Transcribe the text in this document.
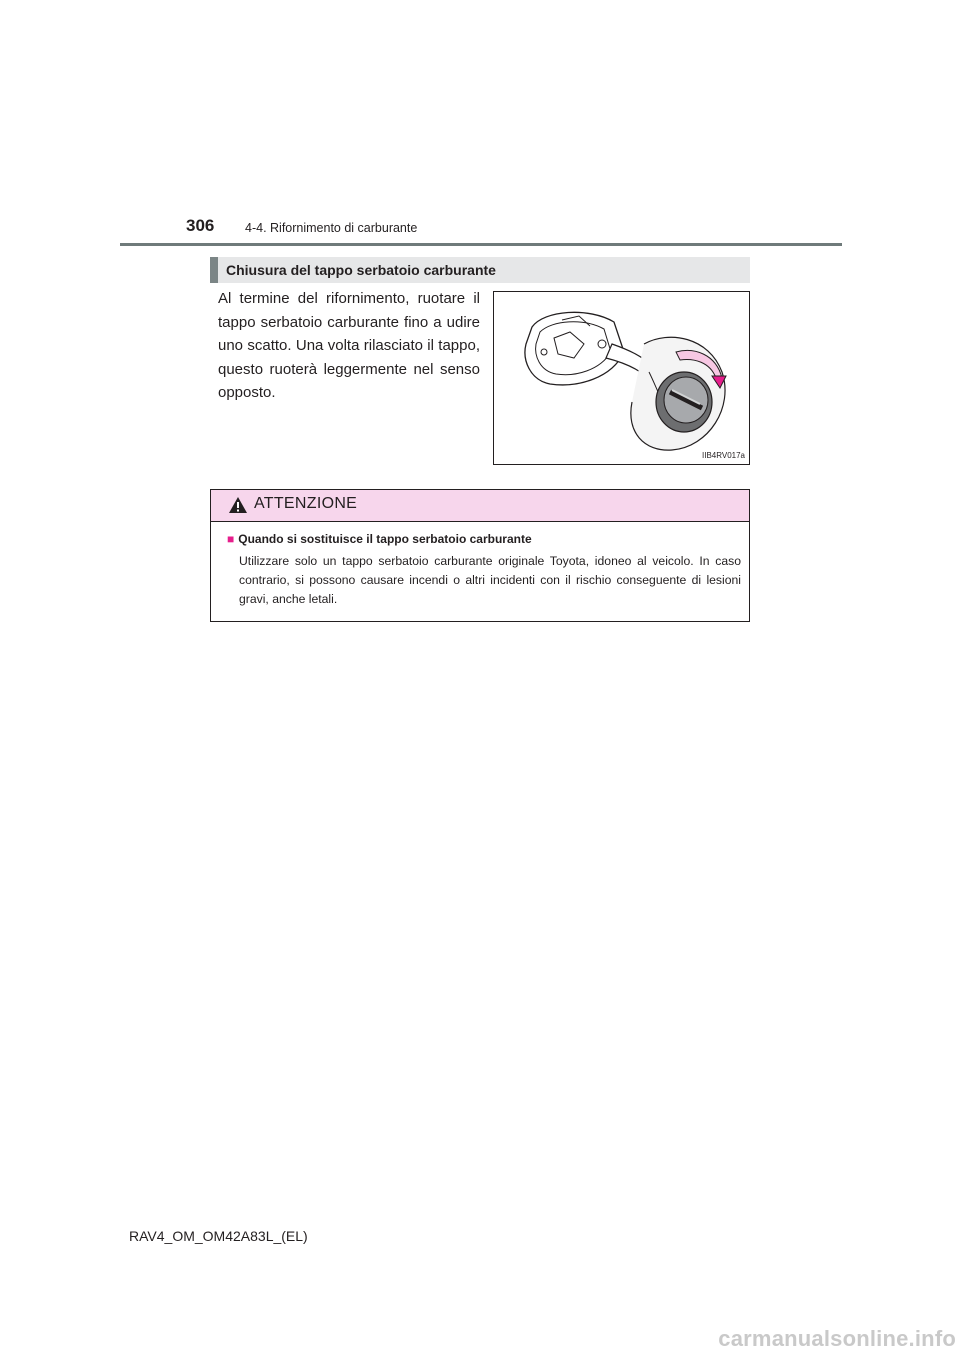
306 4-4. Rifornimento di carburante
Chiusura del tappo serbatoio carburante
Al termine del rifornimento, ruotare il tappo serbatoio carburante fino a udire uno scatto. Una volta rilasciato il tappo, questo ruoterà leggermente nel senso opposto.
IIB4RV017a
ATTENZIONE
■ Quando si sostituisce il tappo serbatoio carburante
Utilizzare solo un tappo serbatoio carburante originale Toyota, idoneo al veicolo. In caso contrario, si possono causare incendi o altri incidenti con il rischio conseguente di lesioni gravi, anche letali.
RAV4_OM_OM42A83L_(EL)
carmanualsonline.info
